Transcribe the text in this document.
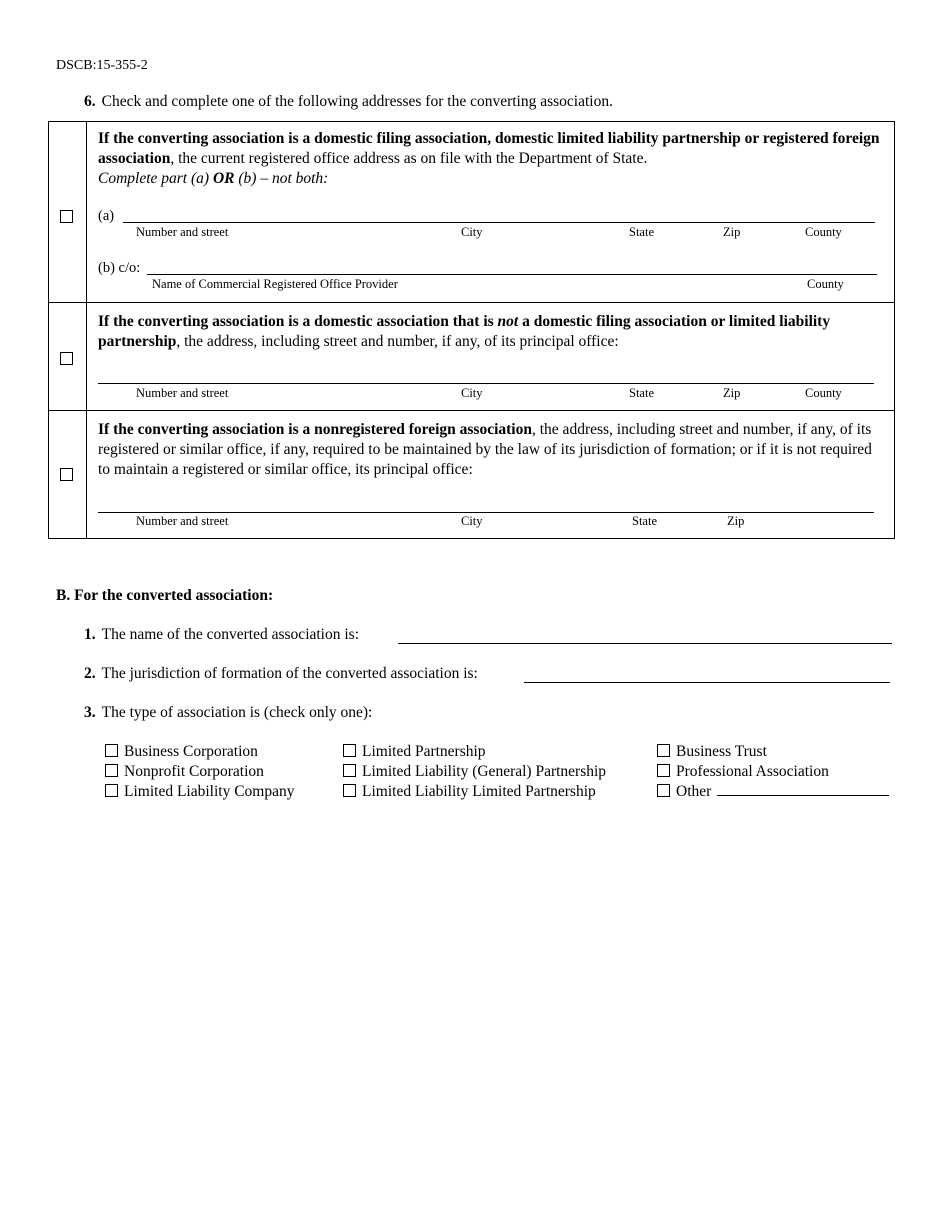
DSCB:15-355-2
6. Check and complete one of the following addresses for the converting association.
If the converting association is a domestic filing association, domestic limited liability partnership or registered foreign association, the current registered office address as on file with the Department of State.
Complete part (a) OR (b) – not both:
(a)
Number and street	City	State	Zip	County
(b) c/o:
Name of Commercial Registered Office Provider	County
If the converting association is a domestic association that is not a domestic filing association or limited liability partnership, the address, including street and number, if any, of its principal office:
Number and street	City	State	Zip	County
If the converting association is a nonregistered foreign association, the address, including street and number, if any, of its registered or similar office, if any, required to be maintained by the law of its jurisdiction of formation; or if it is not required to maintain a registered or similar office, its principal office:
Number and street	City	State	Zip
B. For the converted association:
1. The name of the converted association is:
2. The jurisdiction of formation of the converted association is:
3. The type of association is (check only one):
Business Corporation
Nonprofit Corporation
Limited Liability Company
Limited Partnership
Limited Liability (General) Partnership
Limited Liability Limited Partnership
Business Trust
Professional Association
Other
